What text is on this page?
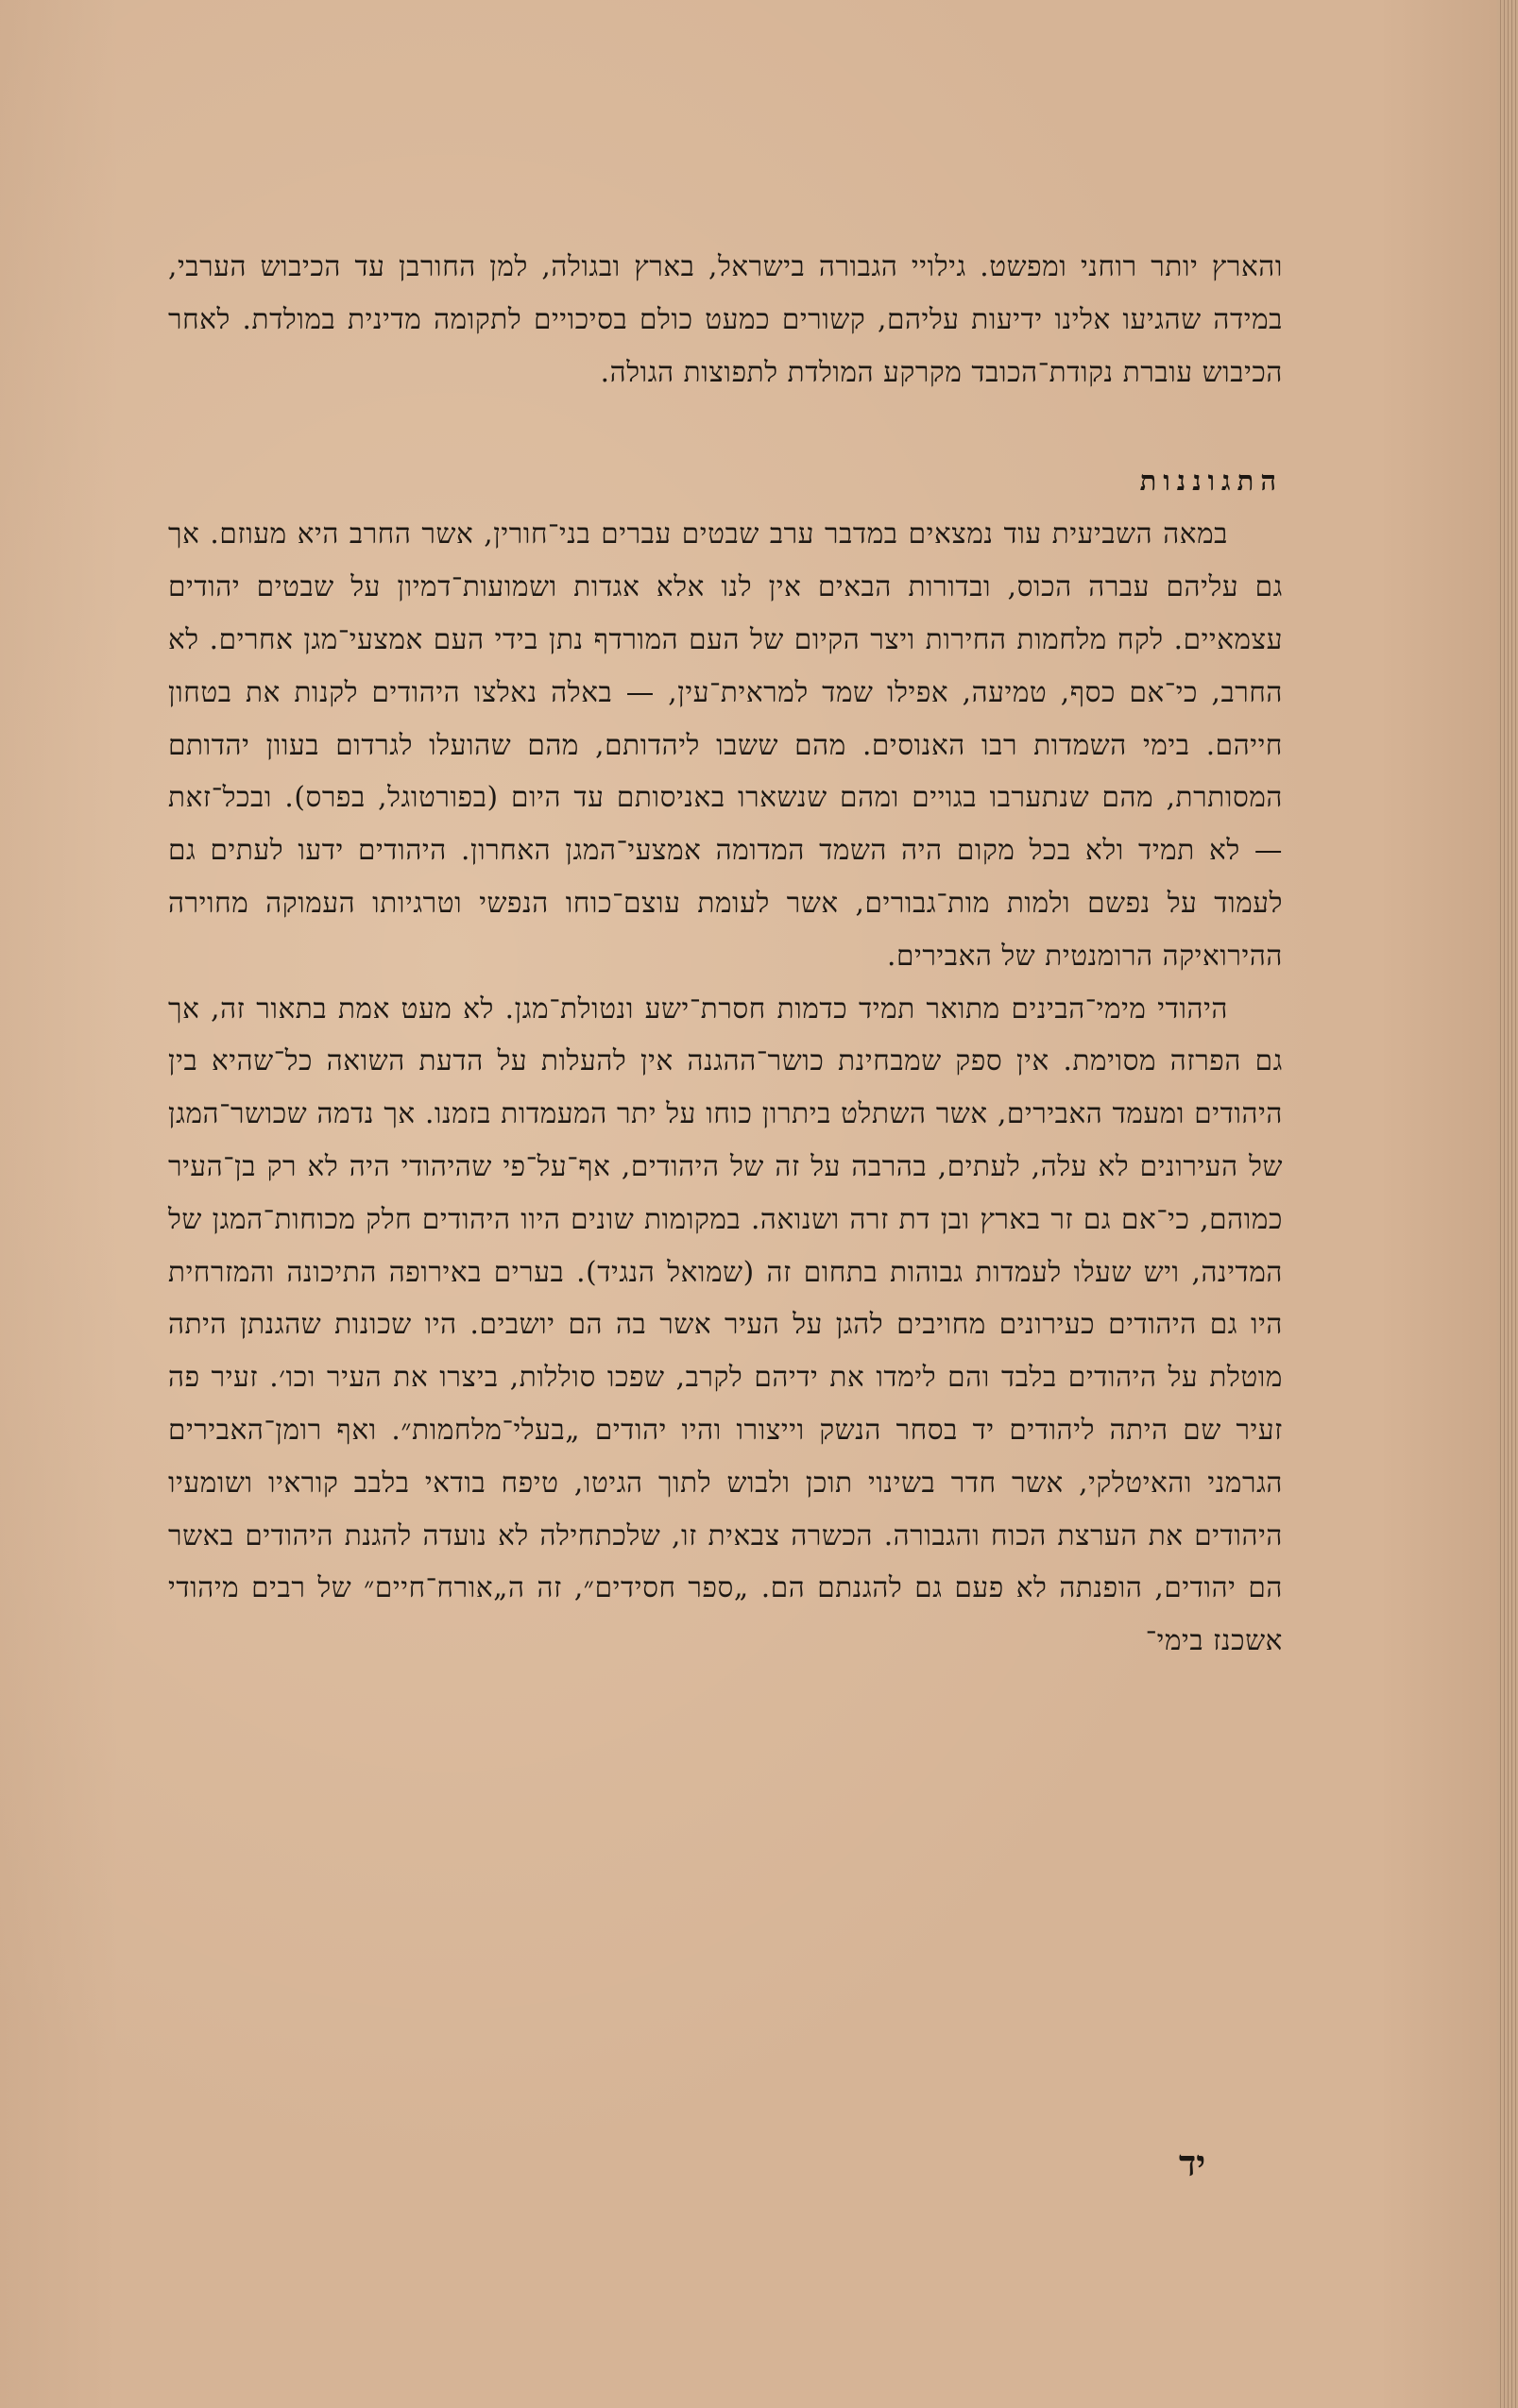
והארץ יותר רוחני ומפשט. גילויי הגבורה בישראל, בארץ ובגולה, למן החורבן עד הכיבוש הערבי, במידה שהגיעו אלינו ידיעות עליהם, קשורים כמעט כולם בסיכויים לתקומה מדינית במולדת. לאחר הכיבוש עוברת נקודת־הכובד מקרקע המולדת לתפוצות הגולה.

התגוננות

במאה השביעית עוד נמצאים במדבר ערב שבטים עברים בני־חורין, אשר החרב היא מעוזם. אך גם עליהם עברה הכוס, ובדורות הבאים אין לנו אלא אגדות ושמועות־דמיון על שבטים יהודים עצמאיים. לקח מלחמות החירות ויצר הקיום של העם המורדף נתן בידי העם אמצעי־מגן אחרים. לא החרב, כי־אם כסף, טמיעה, אפילו שמד למראית־עין, — באלה נאלצו היהודים לקנות את בטחון חייהם. בימי השמדות רבו האנוסים. מהם ששבו ליהדותם, מהם שהועלו לגרדום בעוון יהדותם המסותרת, מהם שנתערבו בגויים ומהם שנשארו באניסותם עד היום (בפורטוגל, בפרס). ובכל־זאת — לא תמיד ולא בכל מקום היה השמד המדומה אמצעי־המגן האחרון. היהודים ידעו לעתים גם לעמוד על נפשם ולמות מות־גבורים, אשר לעומת עוצם־כוחו הנפשי וטרגיותו העמוקה מחוירה ההירואיקה הרומנטית של האבירים.

היהודי מימי־הבינים מתואר תמיד כדמות חסרת־ישע ונטולת־מגן. לא מעט אמת בתאור זה, אך גם הפרזה מסוימת. אין ספק שמבחינת כושר־ההגנה אין להעלות על הדעת השואה כל־שהיא בין היהודים ומעמד האבירים, אשר השתלט ביתרון כוחו על יתר המעמדות בזמנו. אך נדמה שכושר־המגן של העירונים לא עלה, לעתים, בהרבה על זה של היהודים, אף־על־פי שהיהודי היה לא רק בן־העיר כמוהם, כי־אם גם זר בארץ ובן דת זרה ושנואה. במקומות שונים היוו היהודים חלק מכוחות־המגן של המדינה, ויש שעלו לעמדות גבוהות בתחום זה (שמואל הנגיד). בערים באירופה התיכונה והמזרחית היו גם היהודים כעירונים מחויבים להגן על העיר אשר בה הם יושבים. היו שכונות שהגנתן היתה מוטלת על היהודים בלבד והם לימדו את ידיהם לקרב, שפכו סוללות, ביצרו את העיר וכו׳. זעיר פה זעיר שם היתה ליהודים יד בסחר הנשק וייצורו והיו יהודים „בעלי־מלחמות״. ואף רומן־האבירים הגרמני והאיטלקי, אשר חדר בשינוי תוכן ולבוש לתוך הגיטו, טיפח בודאי בלבב קוראיו ושומעיו היהודים את הערצת הכוח והגבורה. הכשרה צבאית זו, שלכתחילה לא נועדה להגנת היהודים באשר הם יהודים, הופנתה לא פעם גם להגנתם הם. „ספר חסידים״, זה ה„אורח־חיים״ של רבים מיהודי אשכנז בימי־

יד
